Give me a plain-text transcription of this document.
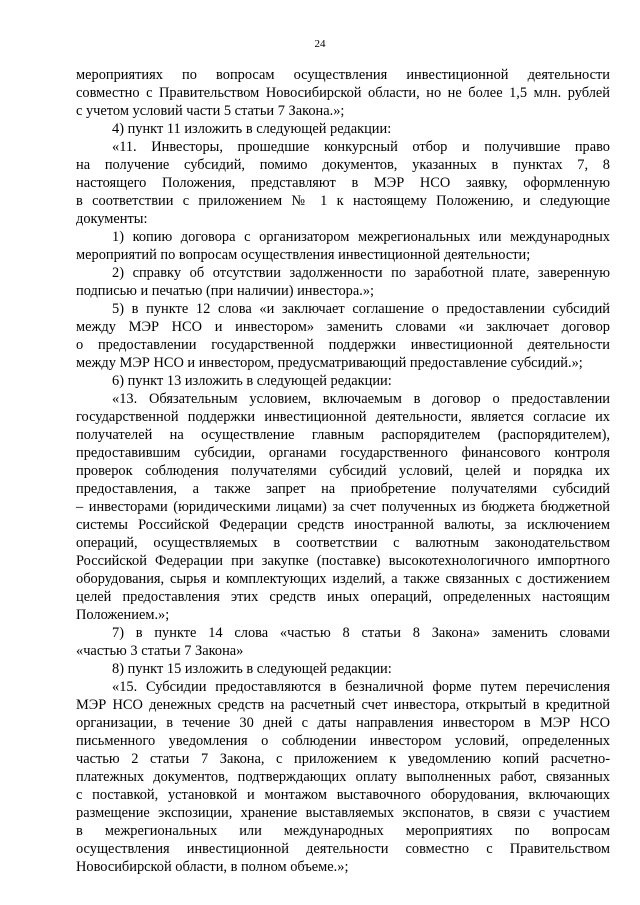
24
мероприятиях по вопросам осуществления инвестиционной деятельности
совместно с Правительством Новосибирской области, но не более 1,5 млн. рублей
с учетом условий части 5 статьи 7 Закона.»;
4) пункт 11 изложить в следующей редакции:
«11. Инвесторы, прошедшие конкурсный отбор и получившие право
на получение субсидий, помимо документов, указанных в пунктах 7, 8
настоящего Положения, представляют в МЭР НСО заявку, оформленную
в соответствии с приложением № 1 к настоящему Положению, и следующие
документы:
1) копию договора с организатором межрегиональных или международных
мероприятий по вопросам осуществления инвестиционной деятельности;
2) справку об отсутствии задолженности по заработной плате, заверенную
подписью и печатью (при наличии) инвестора.»;
5) в пункте 12 слова «и заключает соглашение о предоставлении субсидий
между МЭР НСО и инвестором» заменить словами «и заключает договор
о предоставлении государственной поддержки инвестиционной деятельности
между МЭР НСО и инвестором, предусматривающий предоставление субсидий.»;
6) пункт 13 изложить в следующей редакции:
«13. Обязательным условием, включаемым в договор о предоставлении
государственной поддержки инвестиционной деятельности, является согласие их
получателей на осуществление главным распорядителем (распорядителем),
предоставившим субсидии, органами государственного финансового контроля
проверок соблюдения получателями субсидий условий, целей и порядка их
предоставления, а также запрет на приобретение получателями субсидий
– инвесторами (юридическими лицами) за счет полученных из бюджета бюджетной
системы Российской Федерации средств иностранной валюты, за исключением
операций, осуществляемых в соответствии с валютным законодательством
Российской Федерации при закупке (поставке) высокотехнологичного импортного
оборудования, сырья и комплектующих изделий, а также связанных с достижением
целей предоставления этих средств иных операций, определенных настоящим
Положением.»;
7) в пункте 14 слова «частью 8 статьи 8 Закона» заменить словами
«частью 3 статьи 7 Закона»
8) пункт 15 изложить в следующей редакции:
«15. Субсидии предоставляются в безналичной форме путем перечисления
МЭР НСО денежных средств на расчетный счет инвестора, открытый в кредитной
организации, в течение 30 дней с даты направления инвестором в МЭР НСО
письменного уведомления о соблюдении инвестором условий, определенных
частью 2 статьи 7 Закона, с приложением к уведомлению копий расчетно-
платежных документов, подтверждающих оплату выполненных работ, связанных
с поставкой, установкой и монтажом выставочного оборудования, включающих
размещение экспозиции, хранение выставляемых экспонатов, в связи с участием
в межрегиональных или международных мероприятиях по вопросам
осуществления инвестиционной деятельности совместно с Правительством
Новосибирской области, в полном объеме.»;
